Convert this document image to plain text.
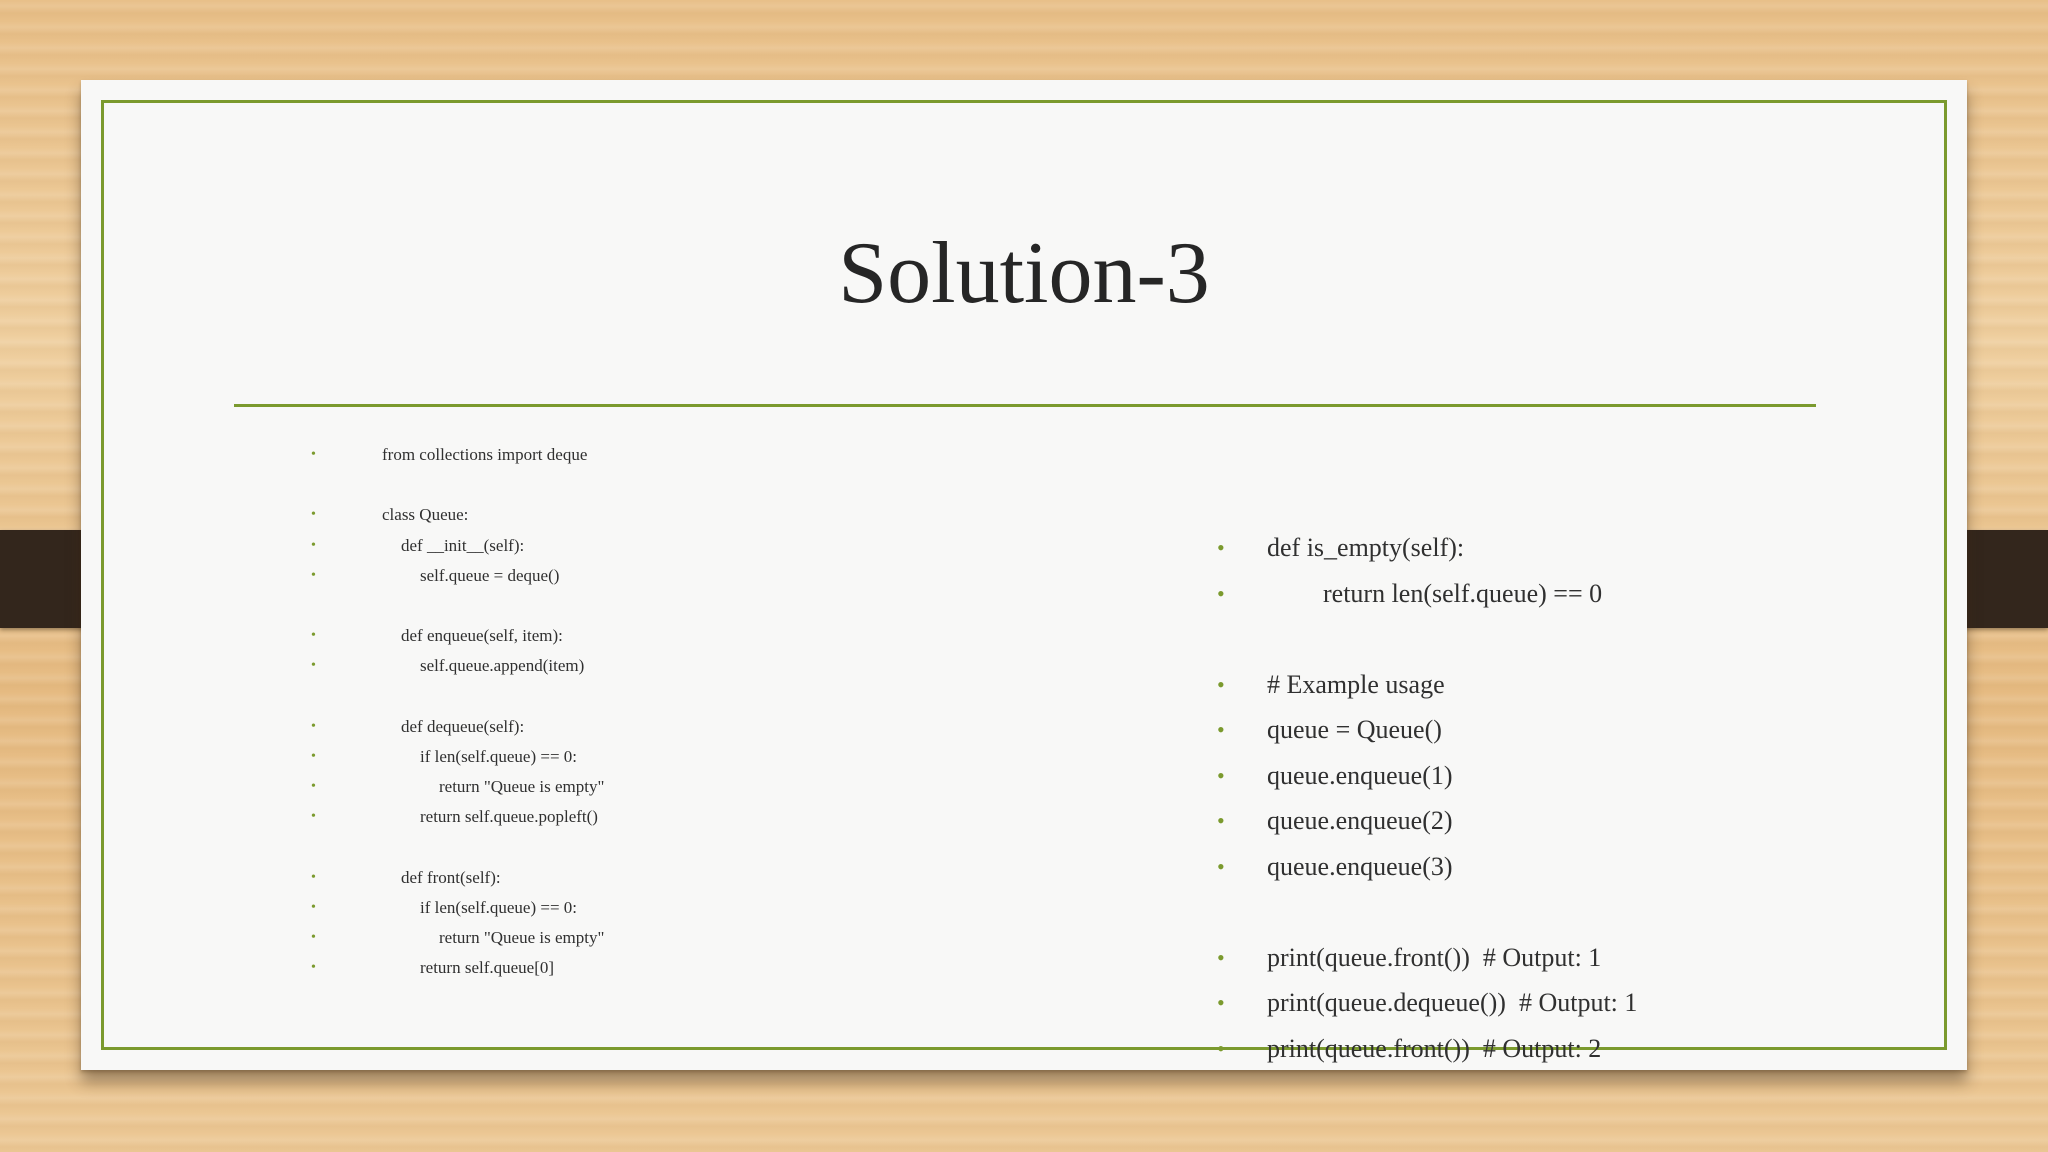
Solution-3
•	from collections import deque
•	class Queue:
•	def __init__(self):
•	self.queue = deque()
•	def enqueue(self, item):
•	self.queue.append(item)
•	def dequeue(self):
•	if len(self.queue) == 0:
•	return "Queue is empty"
•	return self.queue.popleft()
•	def front(self):
•	if len(self.queue) == 0:
•	return "Queue is empty"
•	return self.queue[0]
• def is_empty(self):
•	return len(self.queue) == 0
• # Example usage
• queue = Queue()
• queue.enqueue(1)
• queue.enqueue(2)
• queue.enqueue(3)
• print(queue.front())  # Output: 1
• print(queue.dequeue())  # Output: 1
• print(queue.front())  # Output: 2
